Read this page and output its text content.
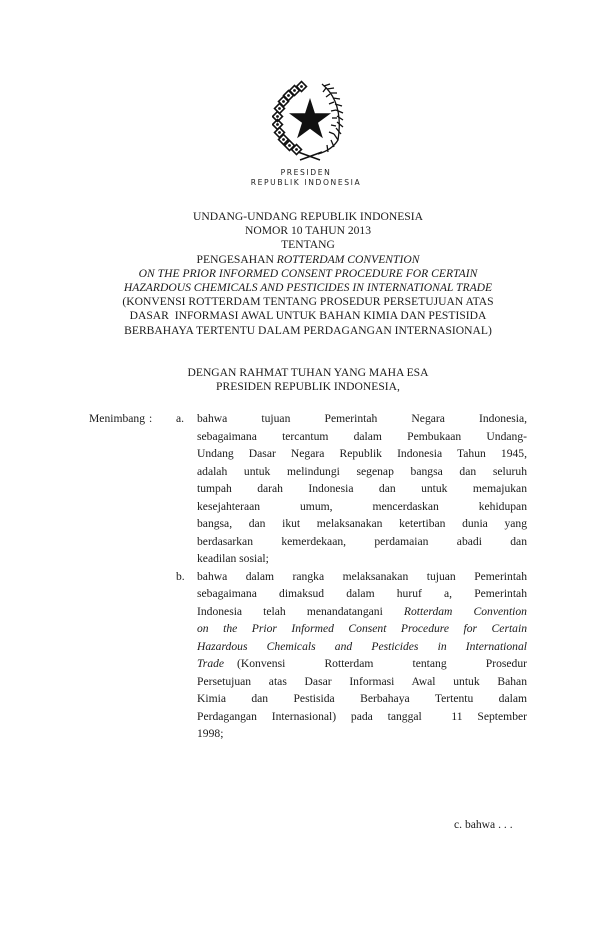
PRESIDEN
REPUBLIK INDONESIA
UNDANG-UNDANG REPUBLIK INDONESIA
NOMOR 10 TAHUN 2013
TENTANG
PENGESAHAN ROTTERDAM CONVENTION
ON THE PRIOR INFORMED CONSENT PROCEDURE FOR CERTAIN
HAZARDOUS CHEMICALS AND PESTICIDES IN INTERNATIONAL TRADE
(KONVENSI ROTTERDAM TENTANG PROSEDUR PERSETUJUAN ATAS
DASAR  INFORMASI AWAL UNTUK BAHAN KIMIA DAN PESTISIDA
BERBAHAYA TERTENTU DALAM PERDAGANGAN INTERNASIONAL)
DENGAN RAHMAT TUHAN YANG MAHA ESA
PRESIDEN REPUBLIK INDONESIA,
Menimbang : a. bahwa tujuan Pemerintah Negara Indonesia,
sebagaimana tercantum dalam Pembukaan Undang-
Undang Dasar Negara Republik Indonesia Tahun 1945,
adalah untuk melindungi segenap bangsa dan seluruh
tumpah darah Indonesia dan untuk memajukan
kesejahteraan umum, mencerdaskan kehidupan
bangsa, dan ikut melaksanakan ketertiban dunia yang
berdasarkan kemerdekaan, perdamaian abadi dan
keadilan sosial;
b. bahwa dalam rangka melaksanakan tujuan Pemerintah
sebagaimana dimaksud dalam huruf a, Pemerintah
Indonesia telah menandatangani Rotterdam Convention
on the Prior Informed Consent Procedure for Certain
Hazardous Chemicals and Pesticides in International
Trade (Konvensi	Rotterdam	tentang	Prosedur
Persetujuan atas Dasar Informasi Awal untuk Bahan
Kimia dan Pestisida Berbahaya Tertentu dalam
Perdagangan Internasional) pada tanggal  11 September
1998;
c. bahwa . . .
